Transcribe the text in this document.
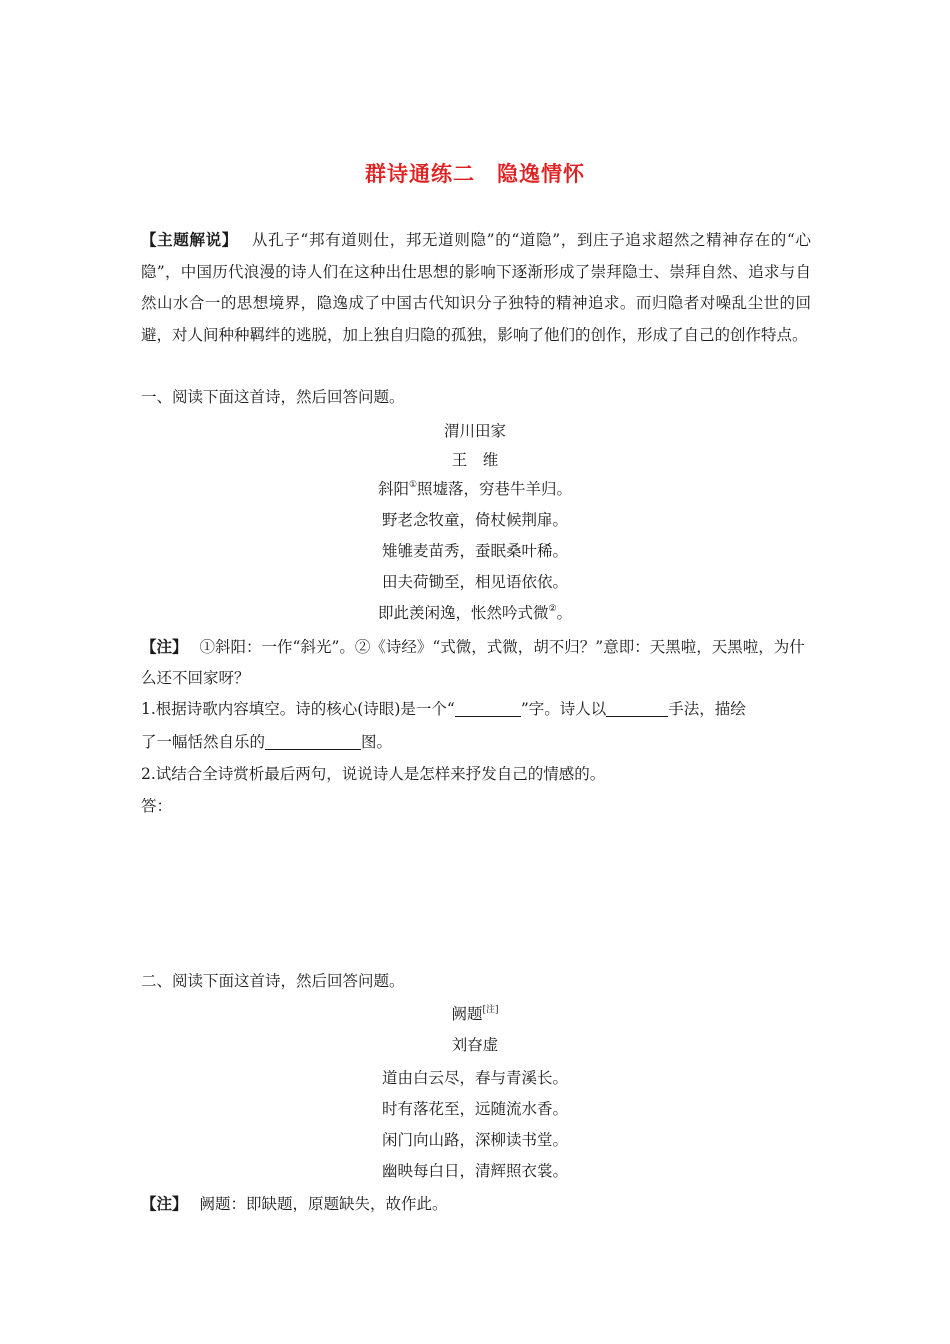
群诗通练二　隐逸情怀
【主题解说】 从孔子“邦有道则仕，邦无道则隐”的“道隐”，到庄子追求超然之精神存在的“心隐”，中国历代浪漫的诗人们在这种出仕思想的影响下逐渐形成了崇拜隐士、崇拜自然、追求与自然山水合一的思想境界，隐逸成了中国古代知识分子独特的精神追求。而归隐者对噪乱尘世的回避，对人间种种羁绊的逃脱，加上独自归隐的孤独，影响了他们的创作，形成了自己的创作特点。
一、阅读下面这首诗，然后回答问题。
渭川田家
王　维
斜阳①照墟落，穷巷牛羊归。
野老念牧童，倚杖候荆扉。
雉雊麦苗秀，蚕眠桑叶稀。
田夫荷锄至，相见语依依。
即此羡闲逸，怅然吟式微②。
【注】 ①斜阳：一作“斜光”。②《诗经》“式微，式微，胡不归？”意即：天黑啦，天黑啦，为什么还不回家呀？
1.根据诗歌内容填空。诗的核心(诗眼)是一个“	”字。诗人以	手法，描绘
了一幅恬然自乐的	图。
2.试结合全诗赏析最后两句，说说诗人是怎样来抒发自己的情感的。
答：
二、阅读下面这首诗，然后回答问题。
阙题[注]
刘昚虚
道由白云尽，春与青溪长。
时有落花至，远随流水香。
闲门向山路，深柳读书堂。
幽映每白日，清辉照衣裳。
【注】 阙题：即缺题，原题缺失，故作此。
